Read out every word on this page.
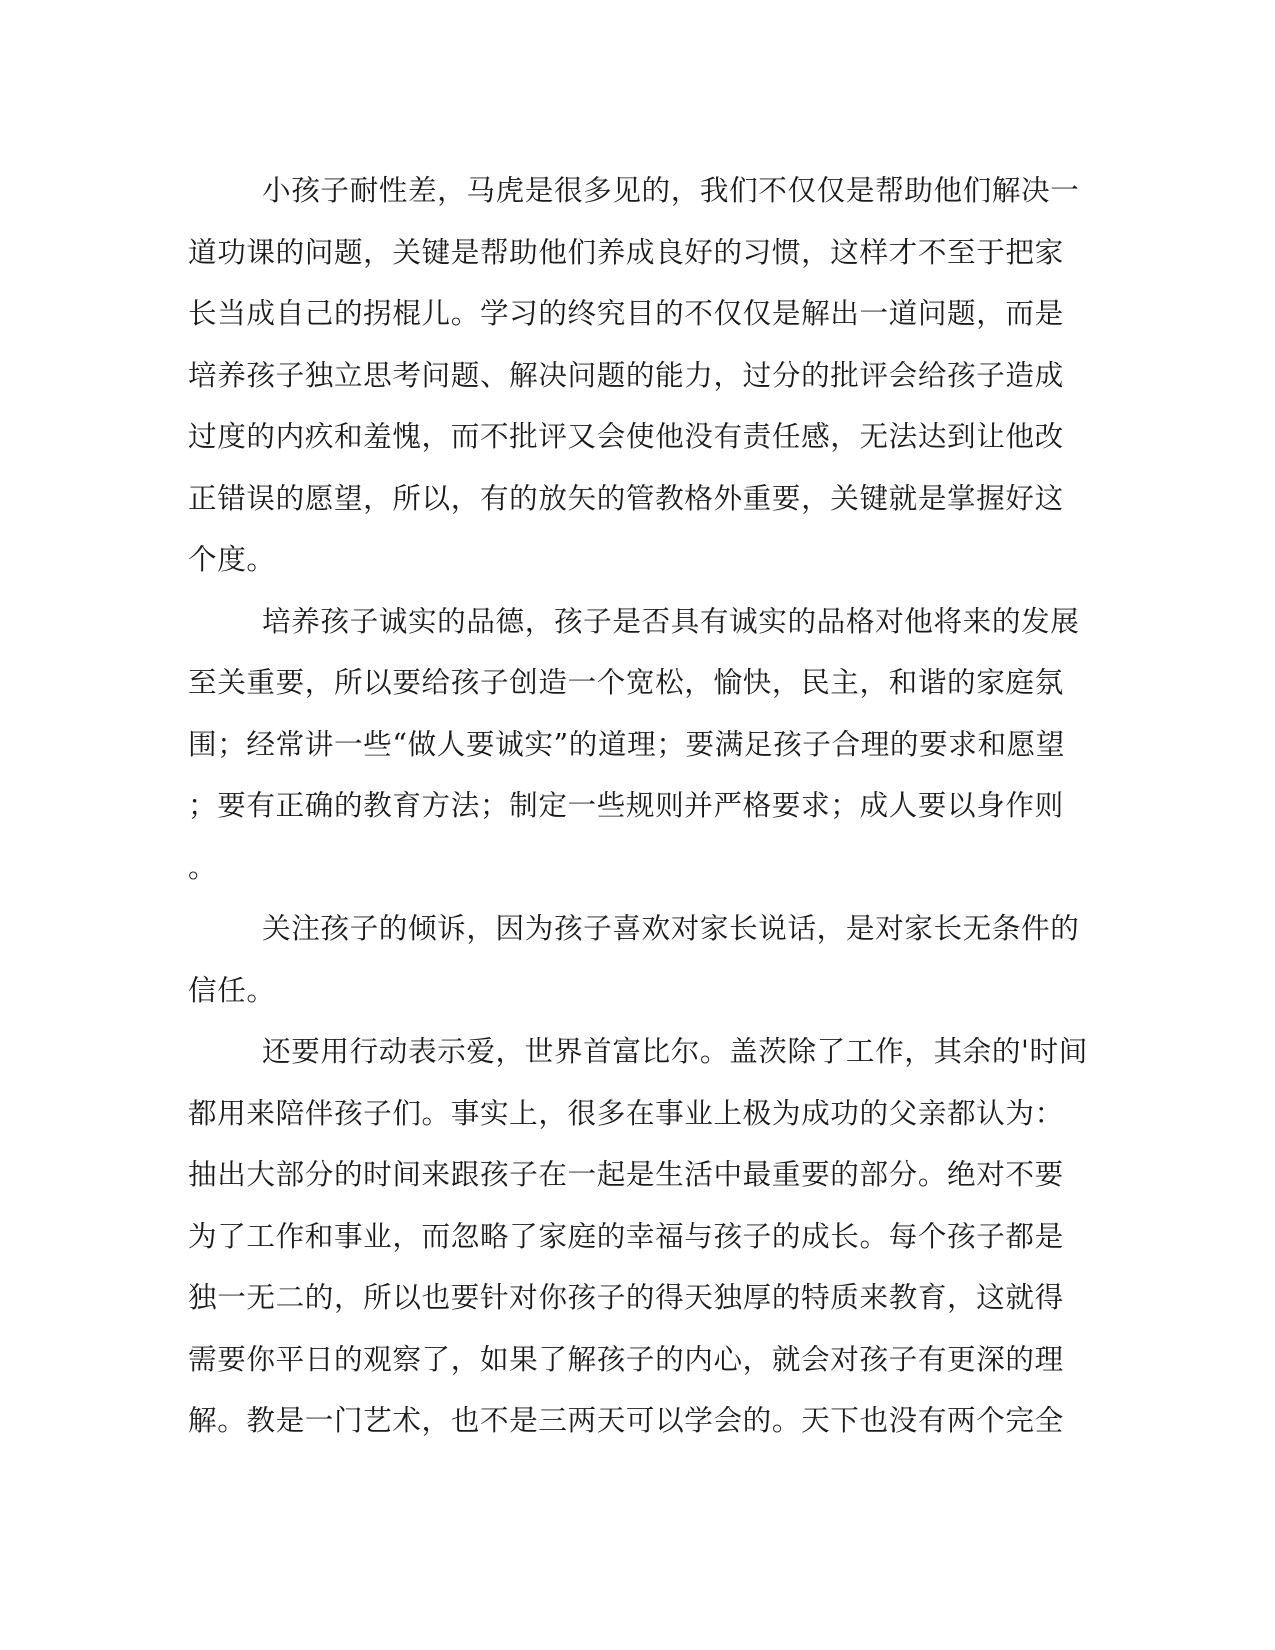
小孩子耐性差，马虎是很多见的，我们不仅仅是帮助他们解决一
道功课的问题，关键是帮助他们养成良好的习惯，这样才不至于把家
长当成自己的拐棍儿。学习的终究目的不仅仅是解出一道问题，而是
培养孩子独立思考问题、解决问题的能力，过分的批评会给孩子造成
过度的内疚和羞愧，而不批评又会使他没有责任感，无法达到让他改
正错误的愿望，所以，有的放矢的管教格外重要，关键就是掌握好这
个度。
培养孩子诚实的品德，孩子是否具有诚实的品格对他将来的发展
至关重要，所以要给孩子创造一个宽松，愉快，民主，和谐的家庭氛
围；经常讲一些“做人要诚实”的道理；要满足孩子合理的要求和愿望
；要有正确的教育方法；制定一些规则并严格要求；成人要以身作则
。
关注孩子的倾诉，因为孩子喜欢对家长说话，是对家长无条件的
信任。
还要用行动表示爱，世界首富比尔。盖茨除了工作，其余的'时间
都用来陪伴孩子们。事实上，很多在事业上极为成功的父亲都认为：
抽出大部分的时间来跟孩子在一起是生活中最重要的部分。绝对不要
为了工作和事业，而忽略了家庭的幸福与孩子的成长。每个孩子都是
独一无二的，所以也要针对你孩子的得天独厚的特质来教育，这就得
需要你平日的观察了，如果了解孩子的内心，就会对孩子有更深的理
解。教是一门艺术，也不是三两天可以学会的。天下也没有两个完全
